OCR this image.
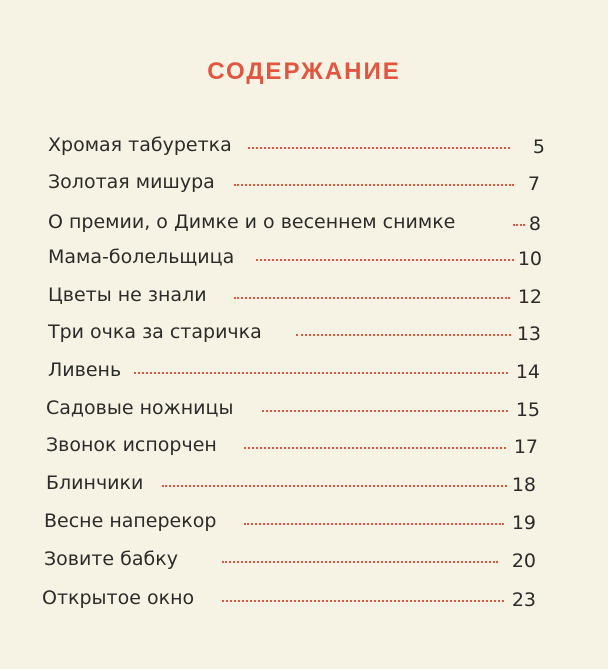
СОДЕРЖАНИЕ
Хромая табуретка	5
Золотая мишура	7
О премии, о Димке и о весеннем снимке	8
Мама-болельщица	10
Цветы не знали	12
Три очка за старичка	13
Ливень	14
Садовые ножницы	15
Звонок испорчен	17
Блинчики	18
Весне наперекор	19
Зовите бабку	20
Открытое окно	23
